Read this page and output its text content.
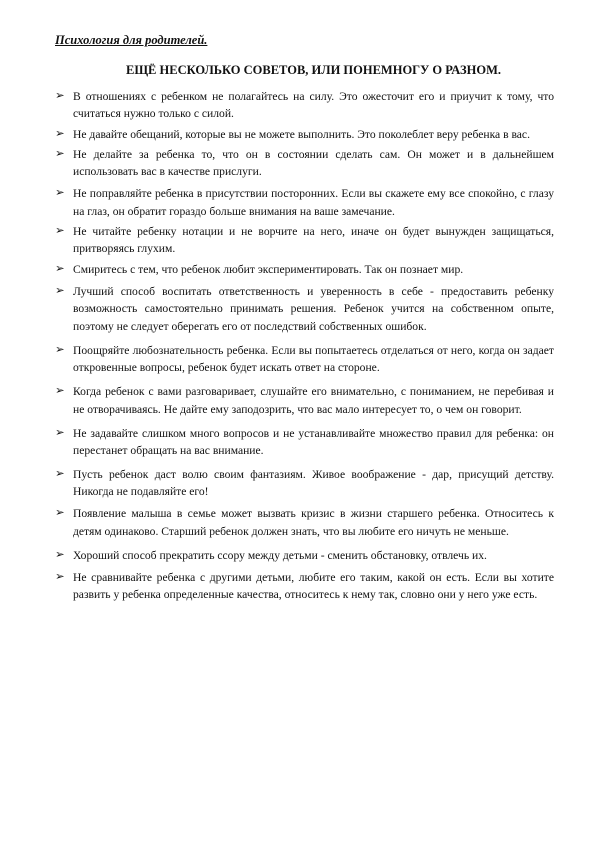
Психология для родителей.
ЕЩЁ НЕСКОЛЬКО СОВЕТОВ, ИЛИ ПОНЕМНОГУ О РАЗНОМ.
➢ В отношениях с ребенком не полагайтесь на силу. Это ожесточит его и приучит к тому, что считаться нужно только с силой.
➢ Не давайте обещаний, которые вы не можете выполнить. Это поколеблет веру ребенка в вас.
➢ Не делайте за ребенка то, что он в состоянии сделать сам. Он может и в дальнейшем использовать вас в качестве прислуги.
➢ Не поправляйте ребенка в присутствии посторонних. Если вы скажете ему все спокойно, с глазу на глаз, он обратит гораздо больше внимания на ваше замечание.
➢ Не читайте ребенку нотации и не ворчите на него, иначе он будет вынужден защищаться, притворяясь глухим.
➢ Смиритесь с тем, что ребенок любит экспериментировать. Так он познает мир.
➢ Лучший способ воспитать ответственность и уверенность в себе - предоставить ребенку возможность самостоятельно принимать решения. Ребенок учится на собственном опыте, поэтому не следует оберегать его от последствий собственных ошибок.
➢ Поощряйте любознательность ребенка. Если вы попытаетесь отделаться от него, когда он задает откровенные вопросы, ребенок будет искать ответ на стороне.
➢ Когда ребенок с вами разговаривает, слушайте его внимательно, с пониманием, не перебивая и не отворачиваясь. Не дайте ему заподозрить, что вас мало интересует то, о чем он говорит.
➢ Не задавайте слишком много вопросов и не устанавливайте множество правил для ребенка: он перестанет обращать на вас внимание.
➢ Пусть ребенок даст волю своим фантазиям. Живое воображение - дар, присущий детству. Никогда не подавляйте его!
➢ Появление малыша в семье может вызвать кризис в жизни старшего ребенка. Относитесь к детям одинаково. Старший ребенок должен знать, что вы любите его ничуть не меньше.
➢ Хороший способ прекратить ссору между детьми - сменить обстановку, отвлечь их.
➢ Не сравнивайте ребенка с другими детьми, любите его таким, какой он есть. Если вы хотите развить у ребенка определенные качества, относитесь к нему так, словно они у него уже есть.
